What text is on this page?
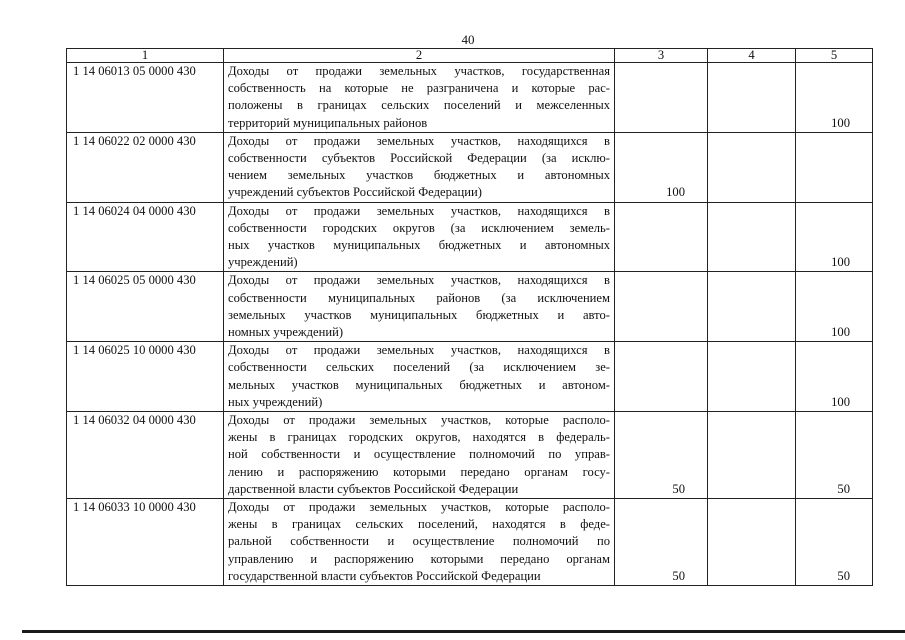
40
1	2	3	4	5
1 14 06013 05 0000 430	Доходы от продажи земельных участков, государственная
собственность на которые не разграничена и которые рас-
положены в границах сельских поселений и межселенных
территорий муниципальных районов			100
1 14 06022 02 0000 430	Доходы от продажи земельных участков, находящихся в
собственности субъектов Российской Федерации (за исклю-
чением земельных участков бюджетных и автономных
учреждений субъектов Российской Федерации)	100		
1 14 06024 04 0000 430	Доходы от продажи земельных участков, находящихся в
собственности городских округов (за исключением земель-
ных участков муниципальных бюджетных и автономных
учреждений)			100
1 14 06025 05 0000 430	Доходы от продажи земельных участков, находящихся в
собственности муниципальных районов (за исключением
земельных участков муниципальных бюджетных и авто-
номных учреждений)			100
1 14 06025 10 0000 430	Доходы от продажи земельных участков, находящихся в
собственности сельских поселений (за исключением зе-
мельных участков муниципальных бюджетных и автоном-
ных учреждений)			100
1 14 06032 04 0000 430	Доходы от продажи земельных участков, которые располо-
жены в границах городских округов, находятся в федераль-
ной собственности и осуществление полномочий по управ-
лению и распоряжению которыми передано органам госу-
дарственной власти субъектов Российской Федерации	50		50
1 14 06033 10 0000 430	Доходы от продажи земельных участков, которые располо-
жены в границах сельских поселений, находятся в феде-
ральной собственности и осуществление полномочий по
управлению и распоряжению которыми передано органам
государственной власти субъектов Российской Федерации	50		50
